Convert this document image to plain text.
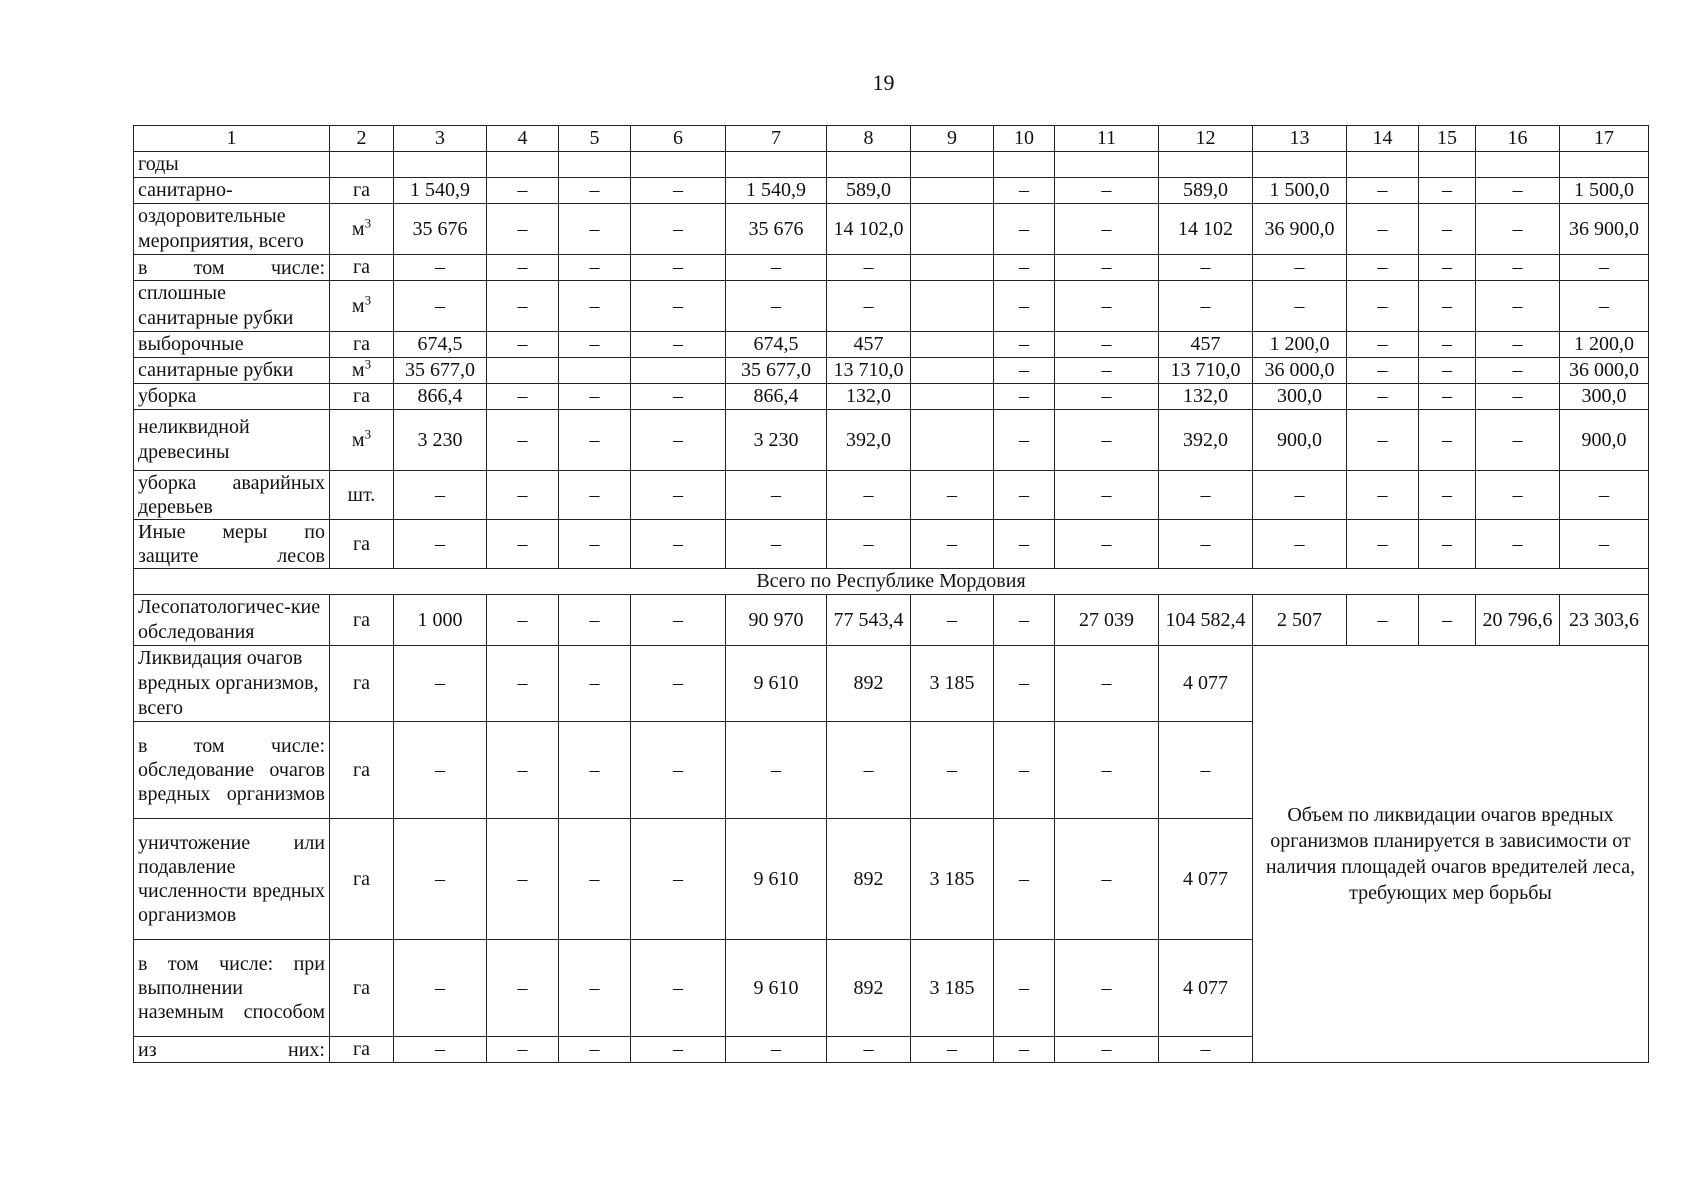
19
1	2	3	4	5	6	7	8	9	10	11	12	13	14	15	16	17
годы																
санитарно-	га	1 540,9	–	–	–	1 540,9	589,0		–	–	589,0	1 500,0	–	–	–	1 500,0
оздоровительные мероприятия, всего	$м^3$	35 676	–	–	–	35 676	14 102,0		–	–	14 102	36 900,0	–	–	–	36 900,0
в том числе:	га	–	–	–	–	–	–		–	–	–	–	–	–	–	–
сплошные санитарные рубки	$м^3$	–	–	–	–	–	–		–	–	–	–	–	–	–	–
выборочные	га	674,5	–	–	–	674,5	457		–	–	457	1 200,0	–	–	–	1 200,0
санитарные рубки	$м^3$	35 677,0				35 677,0	13 710,0		–	–	13 710,0	36 000,0	–	–	–	36 000,0
уборка	га	866,4	–	–	–	866,4	132,0		–	–	132,0	300,0	–	–	–	300,0
неликвидной древесины	$м^3$	3 230	–	–	–	3 230	392,0		–	–	392,0	900,0	–	–	–	900,0
уборка аварийных деревьев	шт.	–	–	–	–	–	–	–	–	–	–	–	–	–	–	–
Иные меры по защите лесов	га	–	–	–	–	–	–	–	–	–	–	–	–	–	–	–
Всего по Республике Мордовия																
Лесопатологичес-кие обследования	га	1 000	–	–	–	90 970	77 543,4	–	–	27 039	104 582,4	2 507	–	–	20 796,6	23 303,6
Ликвидация очагов вредных организмов, всего	га	–	–	–	–	9 610	892	3 185	–	–	4 077	Объем по ликвидации очагов вредных организмов планируется в зависимости от наличия площадей очагов вредителей леса, требующих мер борьбы				
в том числе: обследование очагов вредных организмов	га	–	–	–	–	–	–	–	–	–	–					
уничтожение или подавление численности вредных организмов	га	–	–	–	–	9 610	892	3 185	–	–	4 077					
в том числе: при выполнении наземным способом	га	–	–	–	–	9 610	892	3 185	–	–	4 077					
из них:	га	–	–	–	–	–	–	–	–	–	–					
